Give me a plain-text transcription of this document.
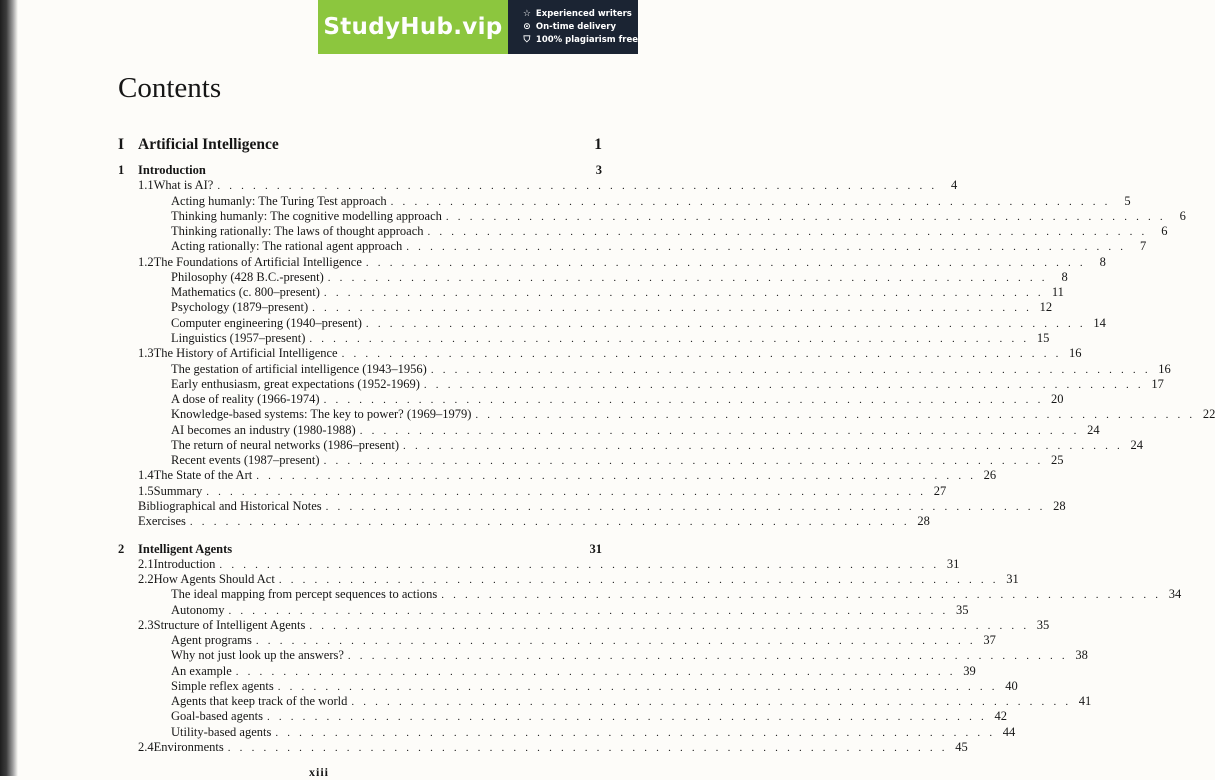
StudyHub.vip	☆ Experienced writers
⊙ On-time delivery
⛉ 100% plagiarism free
Contents
I Artificial Intelligence	1
1	Introduction	3
1.1 What is AI? . . . . . . . . . . . . . . . . . . . . . . . . . . . . . . . . . . . . . . . . . . . . . . . . . . . . . . . . . . . . .	4
Acting humanly: The Turing Test approach . . . . . . . . . . . . . . . . . . . . . . . . . . . . . . . . . . . . . . . . . . . . . . . . . . . . . . . . . . . . .	5
Thinking humanly: The cognitive modelling approach . . . . . . . . . . . . . . . . . . . . . . . . . . . . . . . . . . . . . . . . . . . . . . . . . . . . . . . . . . . . .	6
Thinking rationally: The laws of thought approach . . . . . . . . . . . . . . . . . . . . . . . . . . . . . . . . . . . . . . . . . . . . . . . . . . . . . . . . . . . . .	6
Acting rationally: The rational agent approach . . . . . . . . . . . . . . . . . . . . . . . . . . . . . . . . . . . . . . . . . . . . . . . . . . . . . . . . . . . . .	7
1.2 The Foundations of Artificial Intelligence . . . . . . . . . . . . . . . . . . . . . . . . . . . . . . . . . . . . . . . . . . . . . . . . . . . . . . . . . . . . .	8
Philosophy (428 B.C.-present) . . . . . . . . . . . . . . . . . . . . . . . . . . . . . . . . . . . . . . . . . . . . . . . . . . . . . . . . . . . . .	8
Mathematics (c. 800–present) . . . . . . . . . . . . . . . . . . . . . . . . . . . . . . . . . . . . . . . . . . . . . . . . . . . . . . . . . . . . . 11
Psychology (1879–present) . . . . . . . . . . . . . . . . . . . . . . . . . . . . . . . . . . . . . . . . . . . . . . . . . . . . . . . . . . . . . 12
Computer engineering (1940–present) . . . . . . . . . . . . . . . . . . . . . . . . . . . . . . . . . . . . . . . . . . . . . . . . . . . . . . . . . . . . . 14
Linguistics (1957–present) . . . . . . . . . . . . . . . . . . . . . . . . . . . . . . . . . . . . . . . . . . . . . . . . . . . . . . . . . . . . . 15
1.3 The History of Artificial Intelligence . . . . . . . . . . . . . . . . . . . . . . . . . . . . . . . . . . . . . . . . . . . . . . . . . . . . . . . . . . . . . 16
The gestation of artificial intelligence (1943–1956) . . . . . . . . . . . . . . . . . . . . . . . . . . . . . . . . . . . . . . . . . . . . . . . . . . . . . . . . . . . . . 16
Early enthusiasm, great expectations (1952-1969) . . . . . . . . . . . . . . . . . . . . . . . . . . . . . . . . . . . . . . . . . . . . . . . . . . . . . . . . . . . . . 17
A dose of reality (1966-1974) . . . . . . . . . . . . . . . . . . . . . . . . . . . . . . . . . . . . . . . . . . . . . . . . . . . . . . . . . . . . . 20
Knowledge-based systems: The key to power? (1969–1979) . . . . . . . . . . . . . . . . . . . . . . . . . . . . . . . . . . . . . . . . . . . . . . . . . . . . . . . . . . . . . 22
AI becomes an industry (1980-1988) . . . . . . . . . . . . . . . . . . . . . . . . . . . . . . . . . . . . . . . . . . . . . . . . . . . . . . . . . . . . . 24
The return of neural networks (1986–present) . . . . . . . . . . . . . . . . . . . . . . . . . . . . . . . . . . . . . . . . . . . . . . . . . . . . . . . . . . . . . 24
Recent events (1987–present) . . . . . . . . . . . . . . . . . . . . . . . . . . . . . . . . . . . . . . . . . . . . . . . . . . . . . . . . . . . . . 25
1.4 The State of the Art . . . . . . . . . . . . . . . . . . . . . . . . . . . . . . . . . . . . . . . . . . . . . . . . . . . . . . . . . . . . . 26
1.5 Summary . . . . . . . . . . . . . . . . . . . . . . . . . . . . . . . . . . . . . . . . . . . . . . . . . . . . . . . . . . . . . 27
Bibliographical and Historical Notes . . . . . . . . . . . . . . . . . . . . . . . . . . . . . . . . . . . . . . . . . . . . . . . . . . . . . . . . . . . . . 28
Exercises . . . . . . . . . . . . . . . . . . . . . . . . . . . . . . . . . . . . . . . . . . . . . . . . . . . . . . . . . . . . . 28
2	Intelligent Agents	31
2.1 Introduction . . . . . . . . . . . . . . . . . . . . . . . . . . . . . . . . . . . . . . . . . . . . . . . . . . . . . . . . . . . . . 31
2.2 How Agents Should Act . . . . . . . . . . . . . . . . . . . . . . . . . . . . . . . . . . . . . . . . . . . . . . . . . . . . . . . . . . . . . 31
The ideal mapping from percept sequences to actions . . . . . . . . . . . . . . . . . . . . . . . . . . . . . . . . . . . . . . . . . . . . . . . . . . . . . . . . . . . . . 34
Autonomy . . . . . . . . . . . . . . . . . . . . . . . . . . . . . . . . . . . . . . . . . . . . . . . . . . . . . . . . . . . . . 35
2.3 Structure of Intelligent Agents . . . . . . . . . . . . . . . . . . . . . . . . . . . . . . . . . . . . . . . . . . . . . . . . . . . . . . . . . . . . . 35
Agent programs . . . . . . . . . . . . . . . . . . . . . . . . . . . . . . . . . . . . . . . . . . . . . . . . . . . . . . . . . . . . . 37
Why not just look up the answers? . . . . . . . . . . . . . . . . . . . . . . . . . . . . . . . . . . . . . . . . . . . . . . . . . . . . . . . . . . . . . 38
An example . . . . . . . . . . . . . . . . . . . . . . . . . . . . . . . . . . . . . . . . . . . . . . . . . . . . . . . . . . . . . 39
Simple reflex agents . . . . . . . . . . . . . . . . . . . . . . . . . . . . . . . . . . . . . . . . . . . . . . . . . . . . . . . . . . . . . 40
Agents that keep track of the world . . . . . . . . . . . . . . . . . . . . . . . . . . . . . . . . . . . . . . . . . . . . . . . . . . . . . . . . . . . . . 41
Goal-based agents . . . . . . . . . . . . . . . . . . . . . . . . . . . . . . . . . . . . . . . . . . . . . . . . . . . . . . . . . . . . . 42
Utility-based agents . . . . . . . . . . . . . . . . . . . . . . . . . . . . . . . . . . . . . . . . . . . . . . . . . . . . . . . . . . . . . 44
2.4 Environments . . . . . . . . . . . . . . . . . . . . . . . . . . . . . . . . . . . . . . . . . . . . . . . . . . . . . . . . . . . . . 45
xiii
